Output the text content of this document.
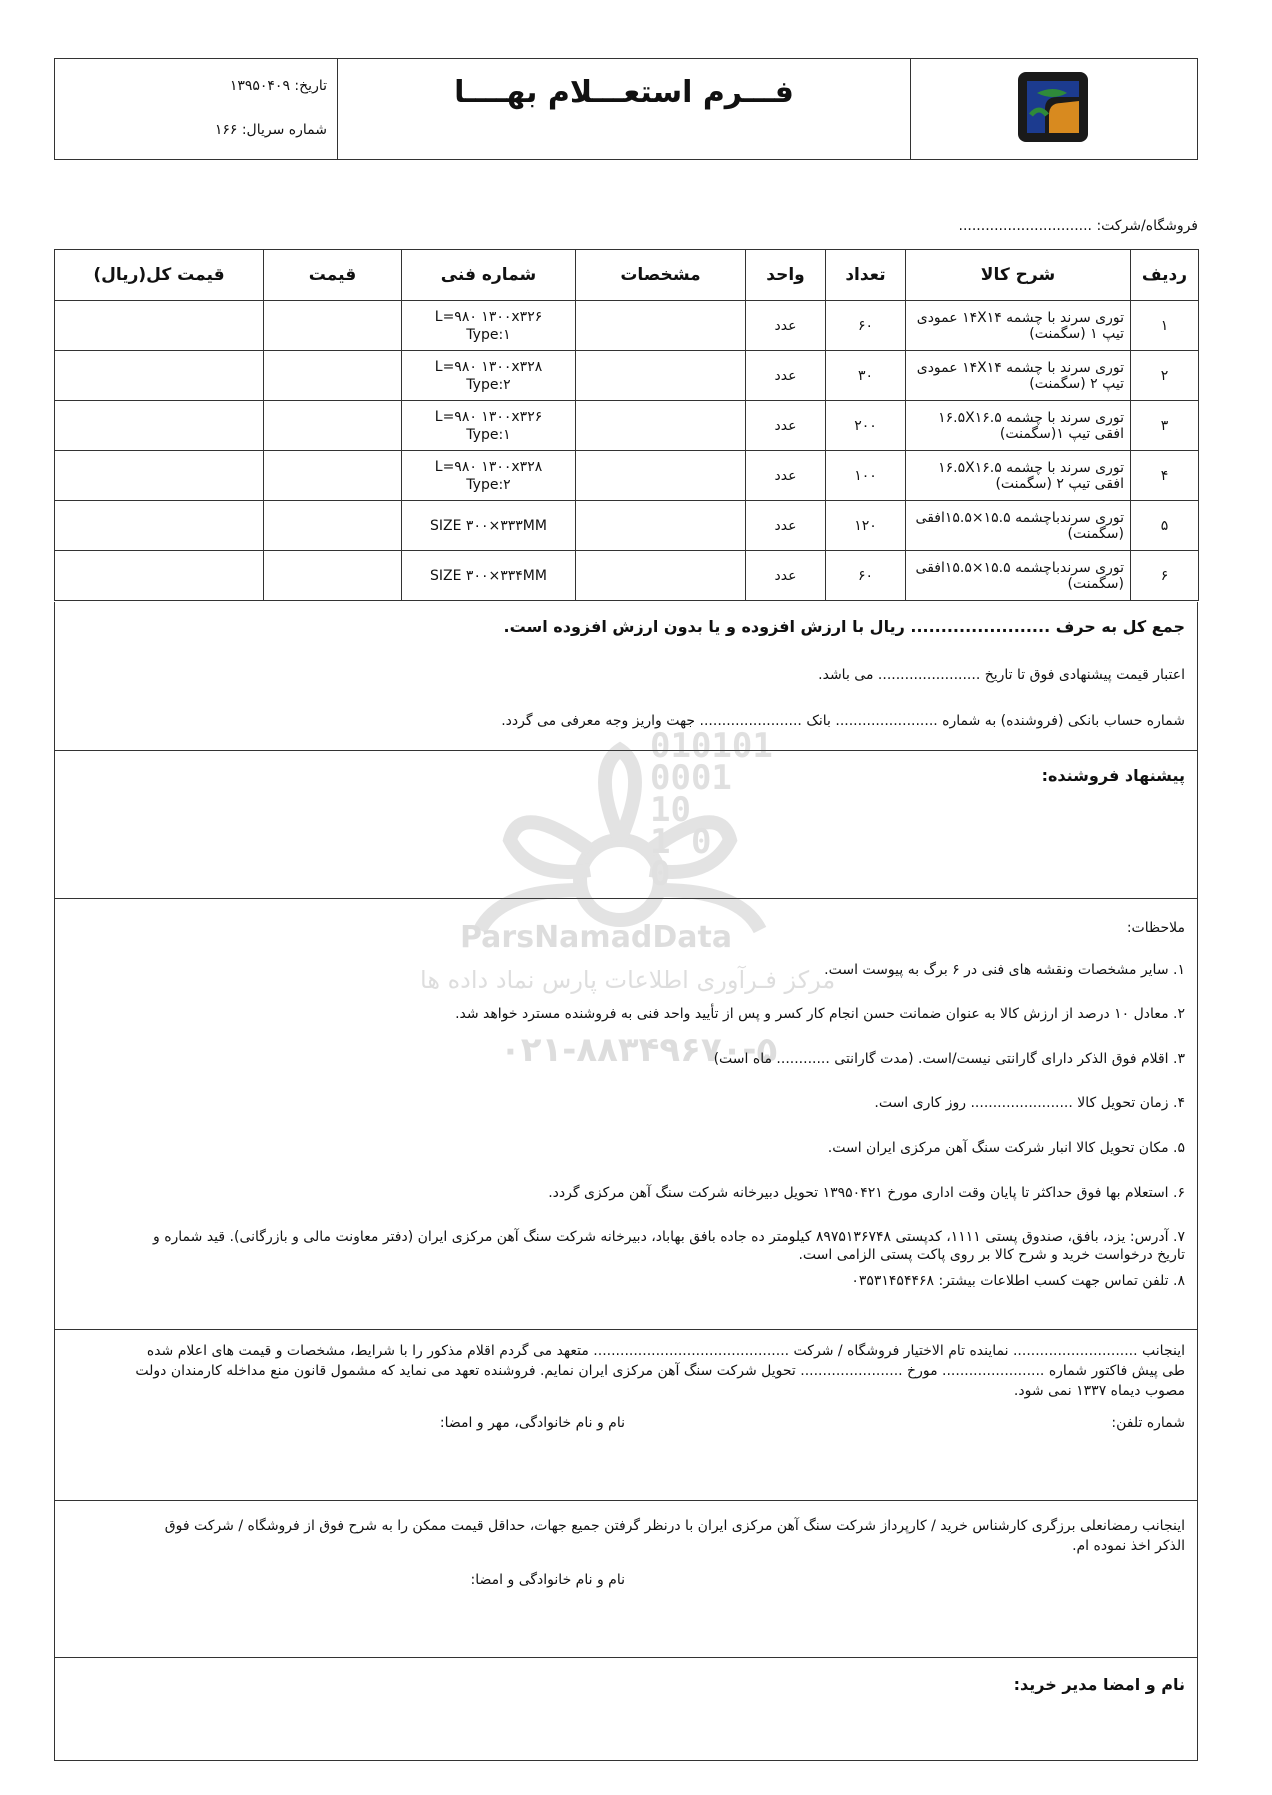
فـــرم استعـــلام بهــــا
تاریخ: ۱۳۹۵۰۴۰۹
شماره سریال: ۱۶۶
فروشگاه/شرکت: ..............................
ردیف	شرح کالا	تعداد	واحد	مشخصات	شماره فنی	قیمت	قیمت کل(ریال)
۱	توری سرند با چشمه ۱۴X۱۴ عمودی تیپ ۱ (سگمنت)	۶۰	عدد		L=۹۸۰ ۱۳۰۰x۳۲۶
Type:۱		

۲	توری سرند با چشمه ۱۴X۱۴ عمودی تیپ ۲ (سگمنت)	۳۰	عدد		L=۹۸۰ ۱۳۰۰x۳۲۸
Type:۲		

۳	توری سرند با چشمه ۱۶.۵X۱۶.۵ افقی تیپ ۱(سگمنت)	۲۰۰	عدد		L=۹۸۰ ۱۳۰۰x۳۲۶
Type:۱		

۴	توری سرند با چشمه ۱۶.۵X۱۶.۵ افقی تیپ ۲ (سگمنت)	۱۰۰	عدد		L=۹۸۰ ۱۳۰۰x۳۲۸
Type:۲		

۵	توری سرندباچشمه ۱۵.۵×۱۵.۵افقی (سگمنت)	۱۲۰	عدد		SIZE ۳۰۰×۳۳۳MM		

۶	توری سرندباچشمه ۱۵.۵×۱۵.۵افقی (سگمنت)	۶۰	عدد		SIZE ۳۰۰×۳۳۴MM		

جمع کل به حرف ....................... ریال با ارزش افزوده و یا بدون ارزش افزوده است.
اعتبار قیمت پیشنهادی فوق تا تاریخ ....................... می باشد.
شماره حساب بانکی (فروشنده) به شماره ....................... بانک ....................... جهت واریز وجه معرفی می گردد.
پیشنهاد فروشنده:
ملاحظات:
۱. سایر مشخصات ونقشه های فنی در ۶ برگ به پیوست است.
۲. معادل ۱۰ درصد از ارزش کالا به عنوان ضمانت حسن انجام کار کسر و پس از تأیید واحد فنی به فروشنده مسترد خواهد شد.
۳. اقلام فوق الذکر دارای گارانتی نیست/است. (مدت گارانتی ............ ماه است)
۴. زمان تحویل کالا ....................... روز کاری است.
۵. مکان تحویل کالا انبار شرکت سنگ آهن مرکزی ایران است.
۶. استعلام بها فوق حداکثر تا پایان وقت اداری مورخ ۱۳۹۵۰۴۲۱ تحویل دبیرخانه شرکت سنگ آهن مرکزی گردد.
۷. آدرس: یزد، بافق، صندوق پستی ۱۱۱۱، کدپستی ۸۹۷۵۱۳۶۷۴۸ کیلومتر ده جاده بافق بهاباد، دبیرخانه شرکت سنگ آهن مرکزی ایران (دفتر معاونت مالی و بازرگانی). قید شماره و
تاریخ درخواست خرید و شرح کالا بر روی پاکت پستی الزامی است.
۸. تلفن تماس جهت کسب اطلاعات بیشتر: ۰۳۵۳۱۴۵۴۴۶۸
اینجانب ............................ نماینده تام الاختیار فروشگاه / شرکت ............................................ متعهد می گردم اقلام مذکور را با شرایط، مشخصات و قیمت های اعلام شده
طی پیش فاکتور شماره ....................... مورخ ....................... تحویل شرکت سنگ آهن مرکزی ایران نمایم. فروشنده تعهد می نماید که مشمول قانون منع مداخله کارمندان دولت
مصوب دیماه ۱۳۳۷ نمی شود.
شماره تلفن:
نام و نام خانوادگی، مهر و امضا:
اینجانب رمضانعلی برزگری کارشناس خرید / کارپرداز شرکت سنگ آهن مرکزی ایران با درنظر گرفتن جمیع جهات، حداقل قیمت ممکن را به شرح فوق از فروشگاه / شرکت فوق
الذکر اخذ نموده ام.
نام و نام خانوادگی و امضا:
نام و امضا مدیر خرید:
010101
0001
10
1 0
0
ParsNamadData
مرکز فـرآوری اطلاعات پارس نماد داده ها
۰۲۱-۸۸۳۴۹۶۷۰-۵
